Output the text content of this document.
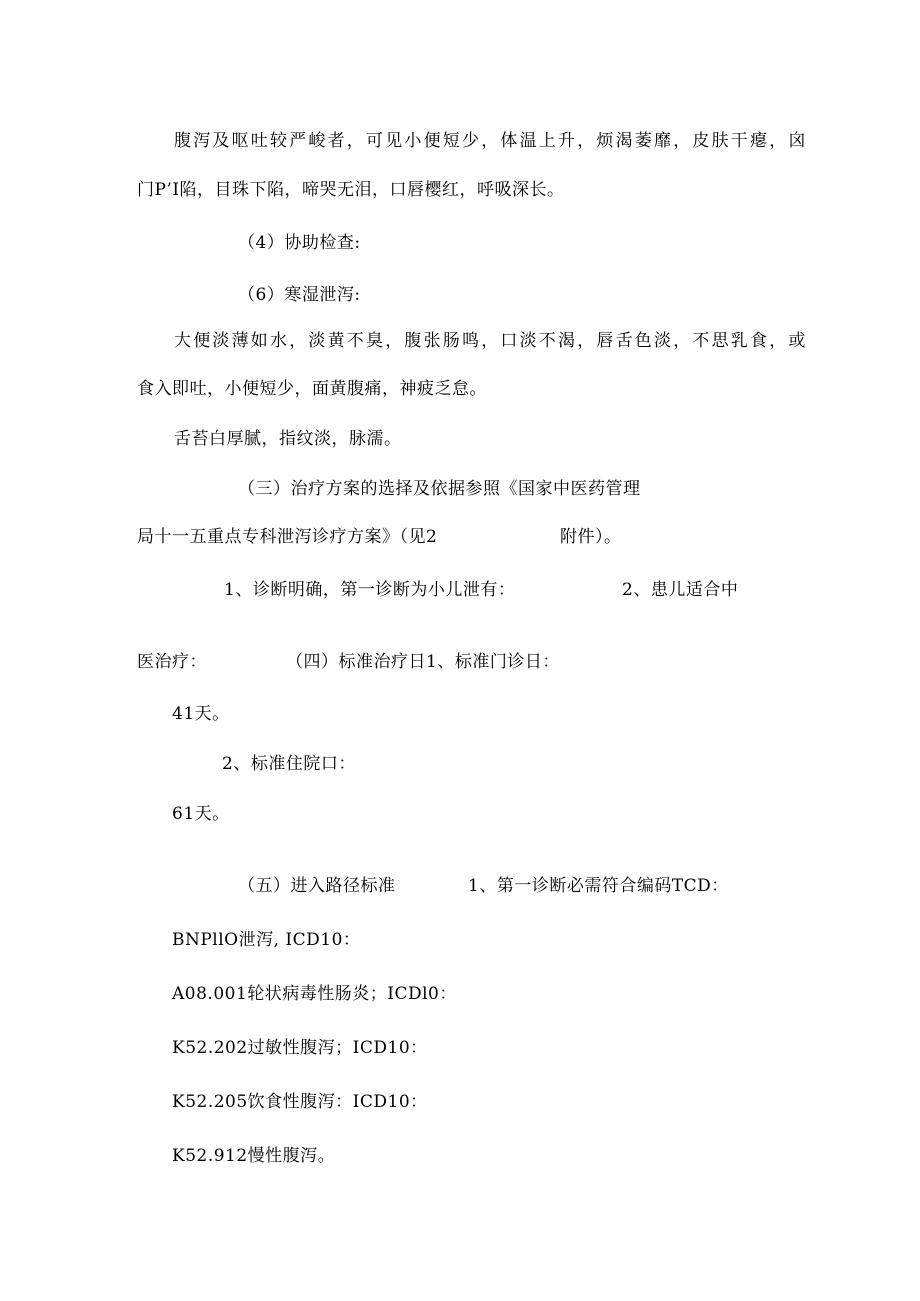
腹泻及呕吐较严峻者，可见小便短少，体温上升，烦渴萎靡，皮肤干瘪，囟
门P’I陷，目珠下陷，啼哭无泪，口唇樱红，呼吸深长。
（4）协助检查:
（6）寒湿泄泻:
大便淡薄如水，淡黄不臭，腹张肠鸣，口淡不渴，唇舌色淡，不思乳食，或
食入即吐，小便短少，面黄腹痛，神疲乏怠。
舌苔白厚腻，指纹淡，脉濡。
（三）治疗方案的选择及依据参照《国家中医药管理
局十一五重点专科泄泻诊疗方案》（见2	附件）。
1、诊断明确，第一诊断为小儿泄有：	2、患儿适合中
医治疗：	（四）标准治疗日1、标准门诊日：
41天。
2、标准住院口：
61天。
（五）进入路径标准	1、第一诊断必需符合编码TCD：
BNPllO泄泻, ICD10：
A08.001轮状病毒性肠炎；ICDl0：
K52.202过敏性腹泻；ICD10：
K52.205饮食性腹泻：ICD10：
K52.912慢性腹泻。
